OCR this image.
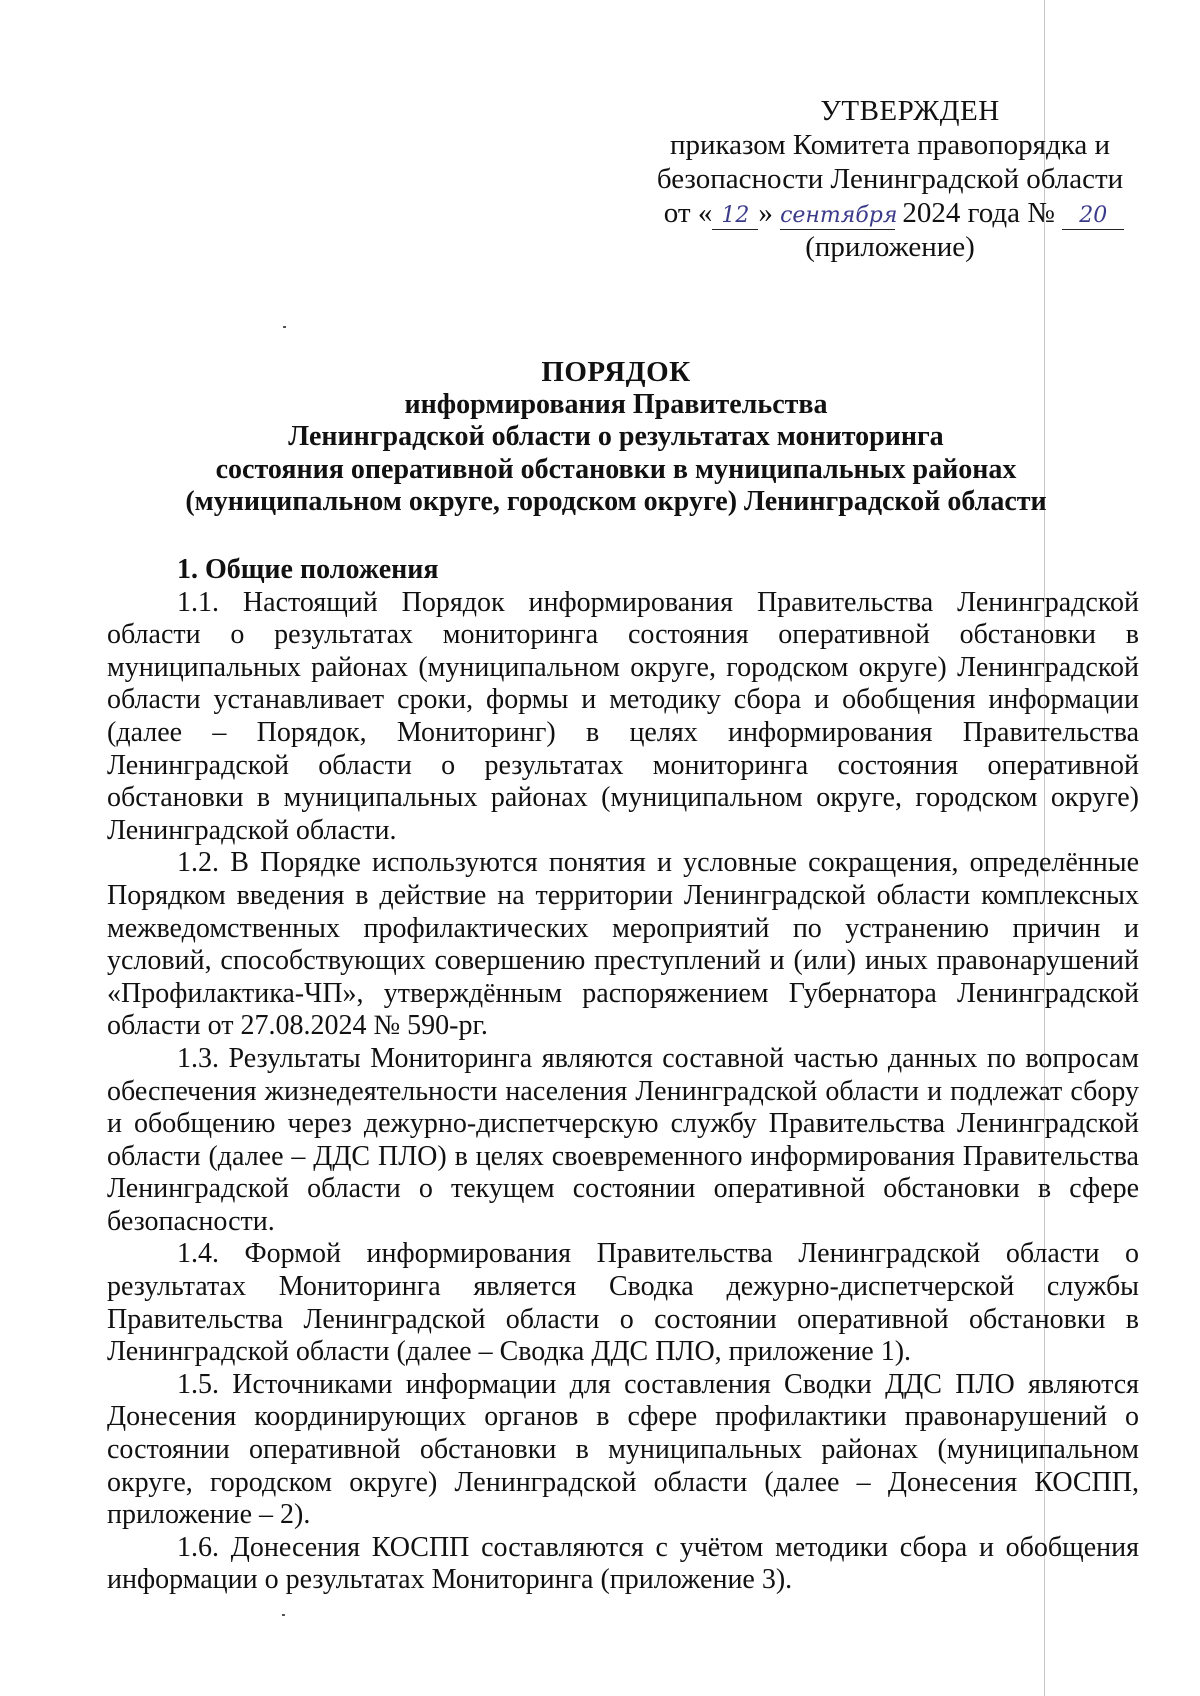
УТВЕРЖДЕН
приказом Комитета правопорядка и
безопасности Ленинградской области
от « 12 » сентября 2024 года № 20
(приложение)
ПОРЯДОК
информирования Правительства
Ленинградской области о результатах мониторинга
состояния оперативной обстановки в муниципальных районах
(муниципальном округе, городском округе) Ленинградской области
1. Общие положения

1.1. Настоящий Порядок информирования Правительства Ленинградской области о результатах мониторинга состояния оперативной обстановки в муниципальных районах (муниципальном округе, городском округе) Ленинградской области устанавливает сроки, формы и методику сбора и обобщения информации (далее – Порядок, Мониторинг) в целях информирования Правительства Ленинградской области о результатах мониторинга состояния оперативной обстановки в муниципальных районах (муниципальном округе, городском округе) Ленинградской области.

1.2. В Порядке используются понятия и условные сокращения, определённые Порядком введения в действие на территории Ленинградской области комплексных межведомственных профилактических мероприятий по устранению причин и условий, способствующих совершению преступлений и (или) иных правонарушений «Профилактика-ЧП», утверждённым распоряжением Губернатора Ленинградской области от 27.08.2024 № 590-рг.

1.3. Результаты Мониторинга являются составной частью данных по вопросам обеспечения жизнедеятельности населения Ленинградской области и подлежат сбору и обобщению через дежурно-диспетчерскую службу Правительства Ленинградской области (далее – ДДС ПЛО) в целях своевременного информирования Правительства Ленинградской области о текущем состоянии оперативной обстановки в сфере безопасности.

1.4. Формой информирования Правительства Ленинградской области о результатах Мониторинга является Сводка дежурно-диспетчерской службы Правительства Ленинградской области о состоянии оперативной обстановки в Ленинградской области (далее – Сводка ДДС ПЛО, приложение 1).

1.5. Источниками информации для составления Сводки ДДС ПЛО являются Донесения координирующих органов в сфере профилактики правонарушений о состоянии оперативной обстановки в муниципальных районах (муниципальном округе, городском округе) Ленинградской области (далее – Донесения КОСПП, приложение – 2).

1.6. Донесения КОСПП составляются с учётом методики сбора и обобщения информации о результатах Мониторинга (приложение 3).
